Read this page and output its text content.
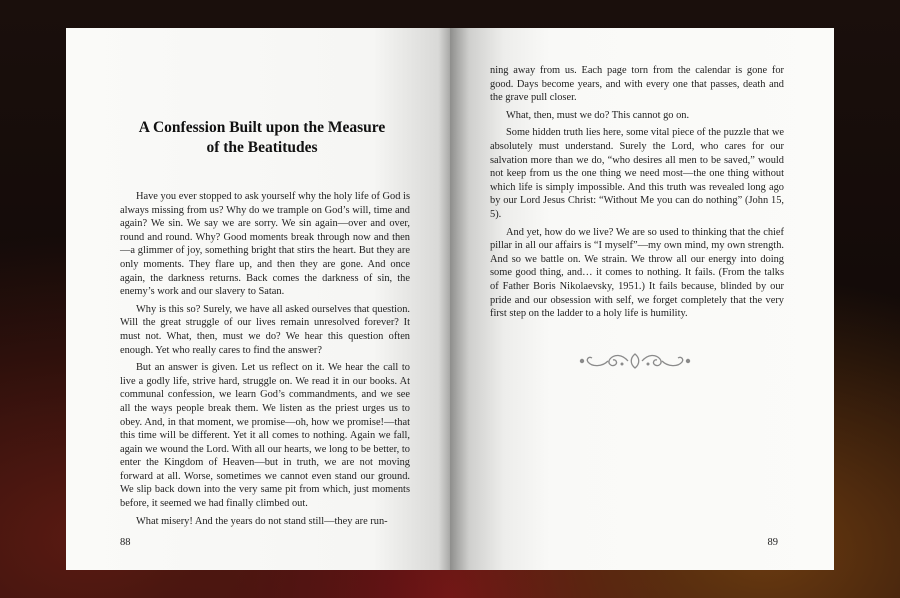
A Confession Built upon the Measure
of the Beatitudes

Have you ever stopped to ask yourself why the holy life of God is always missing from us? Why do we trample on God’s will, time and again? We sin. We say we are sorry. We sin again—over and over, round and round. Why? Good moments break through now and then—a glimmer of joy, something bright that stirs the heart. But they are only moments. They flare up, and then they are gone. And once again, the darkness returns. Back comes the darkness of sin, the enemy’s work and our slavery to Satan.

Why is this so? Surely, we have all asked ourselves that question. Will the great struggle of our lives remain unresolved forever? It must not. What, then, must we do? We hear this question often enough. Yet who really cares to find the answer?

But an answer is given. Let us reflect on it. We hear the call to live a godly life, strive hard, struggle on. We read it in our books. At communal confession, we learn God’s commandments, and we see all the ways people break them. We listen as the priest urges us to obey. And, in that moment, we promise—oh, how we promise!—that this time will be different. Yet it all comes to nothing. Again we fall, again we wound the Lord. With all our hearts, we long to be better, to enter the Kingdom of Heaven—but in truth, we are not moving forward at all. Worse, sometimes we cannot even stand our ground. We slip back down into the very same pit from which, just moments before, it seemed we had finally climbed out.

What misery! And the years do not stand still—they are run-

88

ning away from us. Each page torn from the calendar is gone for good. Days become years, and with every one that passes, death and the grave pull closer.

What, then, must we do? This cannot go on.

Some hidden truth lies here, some vital piece of the puzzle that we absolutely must understand. Surely the Lord, who cares for our salvation more than we do, “who desires all men to be saved,” would not keep from us the one thing we need most—the one thing without which life is simply impossible. And this truth was revealed long ago by our Lord Jesus Christ: “Without Me you can do nothing” (John 15, 5).

And yet, how do we live? We are so used to thinking that the chief pillar in all our affairs is “I myself”—my own mind, my own strength. And so we battle on. We strain. We throw all our energy into doing some good thing, and… it comes to nothing. It fails. (From the talks of Father Boris Nikolaevsky, 1951.) It fails because, blinded by our pride and our obsession with self, we forget completely that the very first step on the ladder to a holy life is humility.

89
